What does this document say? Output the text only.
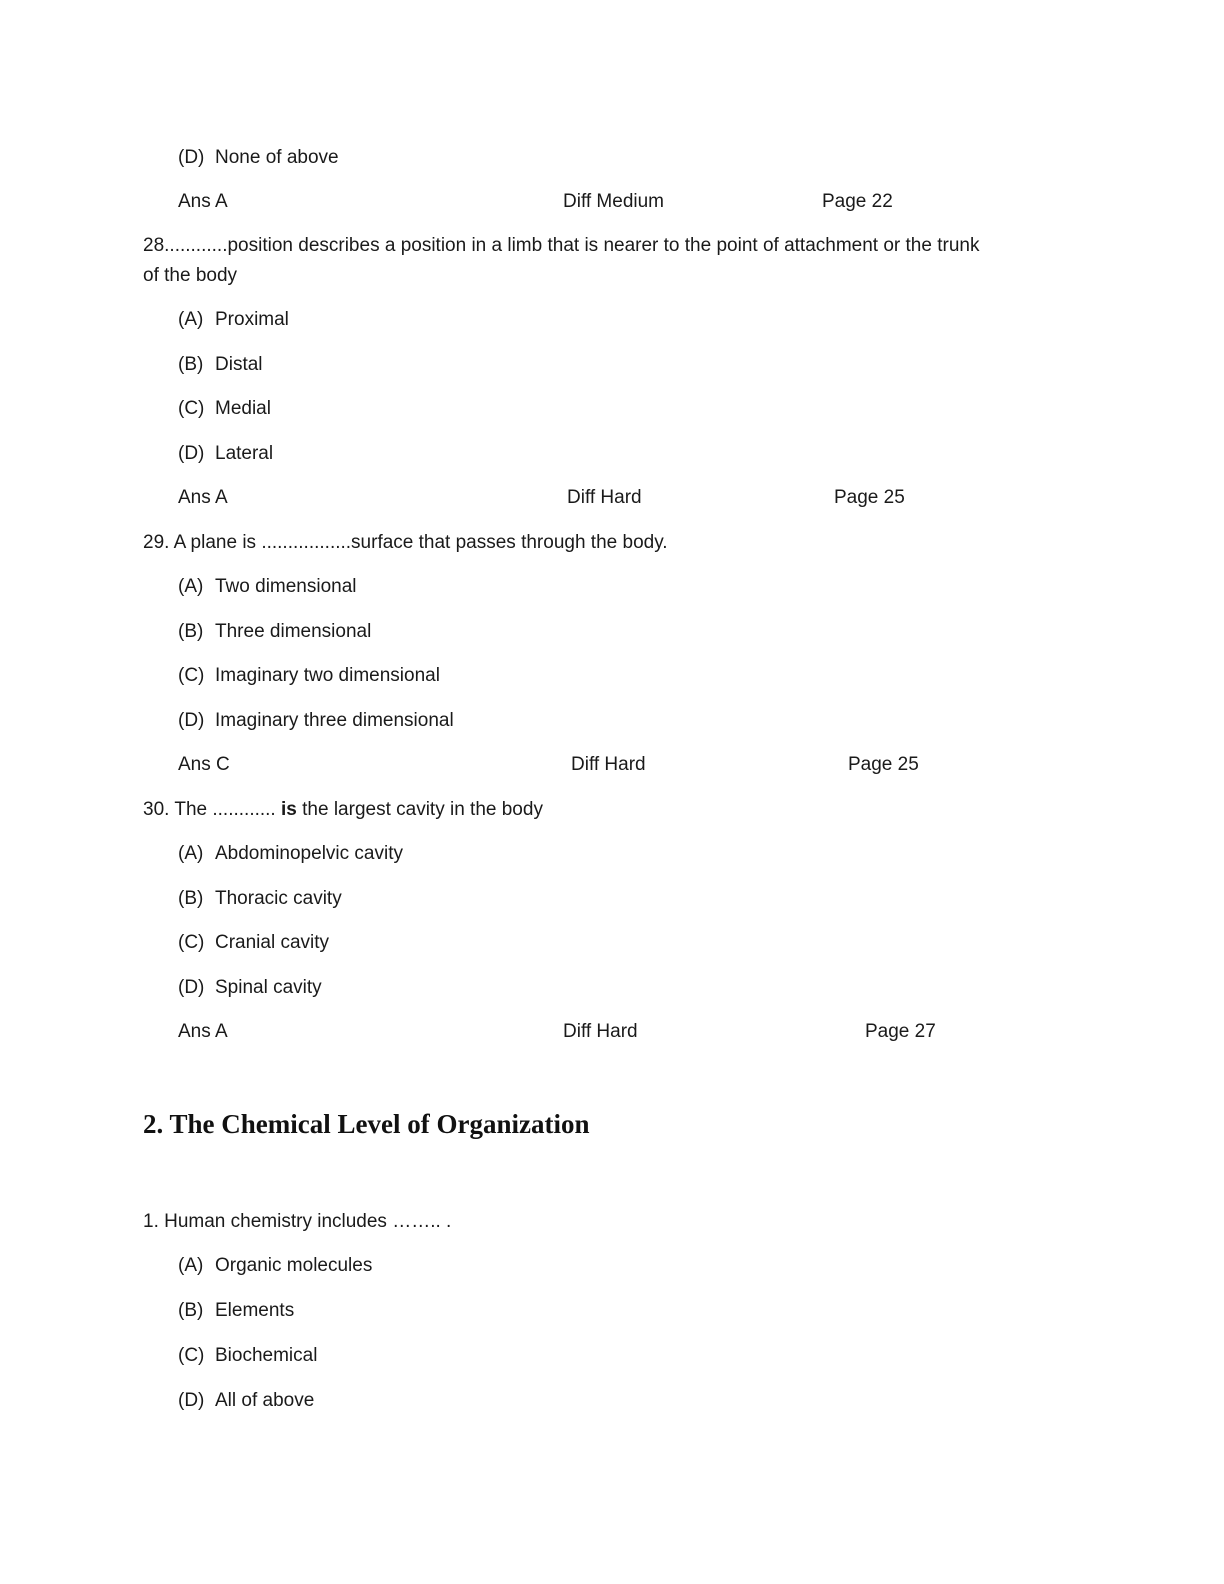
(D) None of above
Ans A	Diff Medium	Page 22
28............position describes a position in a limb that is nearer to the point of attachment or the trunk
of the body
(A) Proximal
(B) Distal
(C) Medial
(D) Lateral
Ans A	Diff Hard	Page 25
29. A plane is .................surface that passes through the body.
(A) Two dimensional
(B) Three dimensional
(C) Imaginary two dimensional
(D) Imaginary three dimensional
Ans C	Diff Hard	Page 25
30. The ............ is the largest cavity in the body
(A) Abdominopelvic cavity
(B) Thoracic cavity
(C) Cranial cavity
(D) Spinal cavity
Ans A	Diff Hard	Page 27
2. The Chemical Level of Organization
1. Human chemistry includes …….. .
(A) Organic molecules
(B) Elements
(C) Biochemical
(D) All of above
